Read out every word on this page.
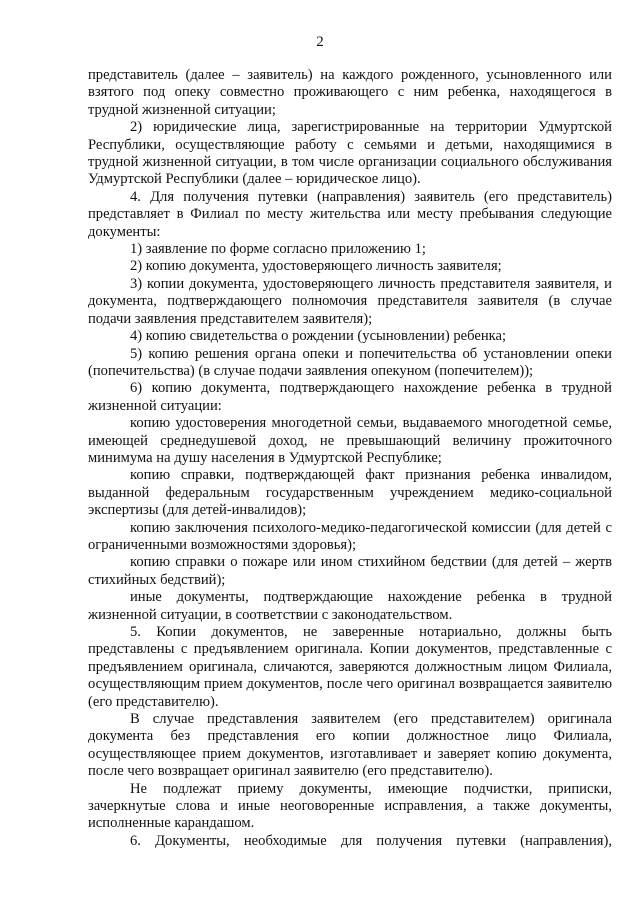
2

представитель (далее – заявитель) на каждого рожденного, усыновленного или взятого под опеку совместно проживающего с ним ребенка, находящегося в трудной жизненной ситуации;

2) юридические лица, зарегистрированные на территории Удмуртской Республики, осуществляющие работу с семьями и детьми, находящимися в трудной жизненной ситуации, в том числе организации социального обслуживания Удмуртской Республики (далее – юридическое лицо).

4. Для получения путевки (направления) заявитель (его представитель) представляет в Филиал по месту жительства или месту пребывания следующие документы:

1) заявление по форме согласно приложению 1;

2) копию документа, удостоверяющего личность заявителя;

3) копии документа, удостоверяющего личность представителя заявителя, и документа, подтверждающего полномочия представителя заявителя (в случае подачи заявления представителем заявителя);

4) копию свидетельства о рождении (усыновлении) ребенка;

5) копию решения органа опеки и попечительства об установлении опеки (попечительства) (в случае подачи заявления опекуном (попечителем));

6) копию документа, подтверждающего нахождение ребенка в трудной жизненной ситуации:

копию удостоверения многодетной семьи, выдаваемого многодетной семье, имеющей среднедушевой доход, не превышающий величину прожиточного минимума на душу населения в Удмуртской Республике;

копию справки, подтверждающей факт признания ребенка инвалидом, выданной федеральным государственным учреждением медико-социальной экспертизы (для детей-инвалидов);

копию заключения психолого-медико-педагогической комиссии (для детей с ограниченными возможностями здоровья);

копию справки о пожаре или ином стихийном бедствии (для детей – жертв стихийных бедствий);

иные документы, подтверждающие нахождение ребенка в трудной жизненной ситуации, в соответствии с законодательством.

5. Копии документов, не заверенные нотариально, должны быть представлены с предъявлением оригинала. Копии документов, представленные с предъявлением оригинала, сличаются, заверяются должностным лицом Филиала, осуществляющим прием документов, после чего оригинал возвращается заявителю (его представителю).

В случае представления заявителем (его представителем) оригинала документа без представления его копии должностное лицо Филиала, осуществляющее прием документов, изготавливает и заверяет копию документа, после чего возвращает оригинал заявителю (его представителю).

Не подлежат приему документы, имеющие подчистки, приписки, зачеркнутые слова и иные неоговоренные исправления, а также документы, исполненные карандашом.

6. Документы, необходимые для получения путевки (направления),
